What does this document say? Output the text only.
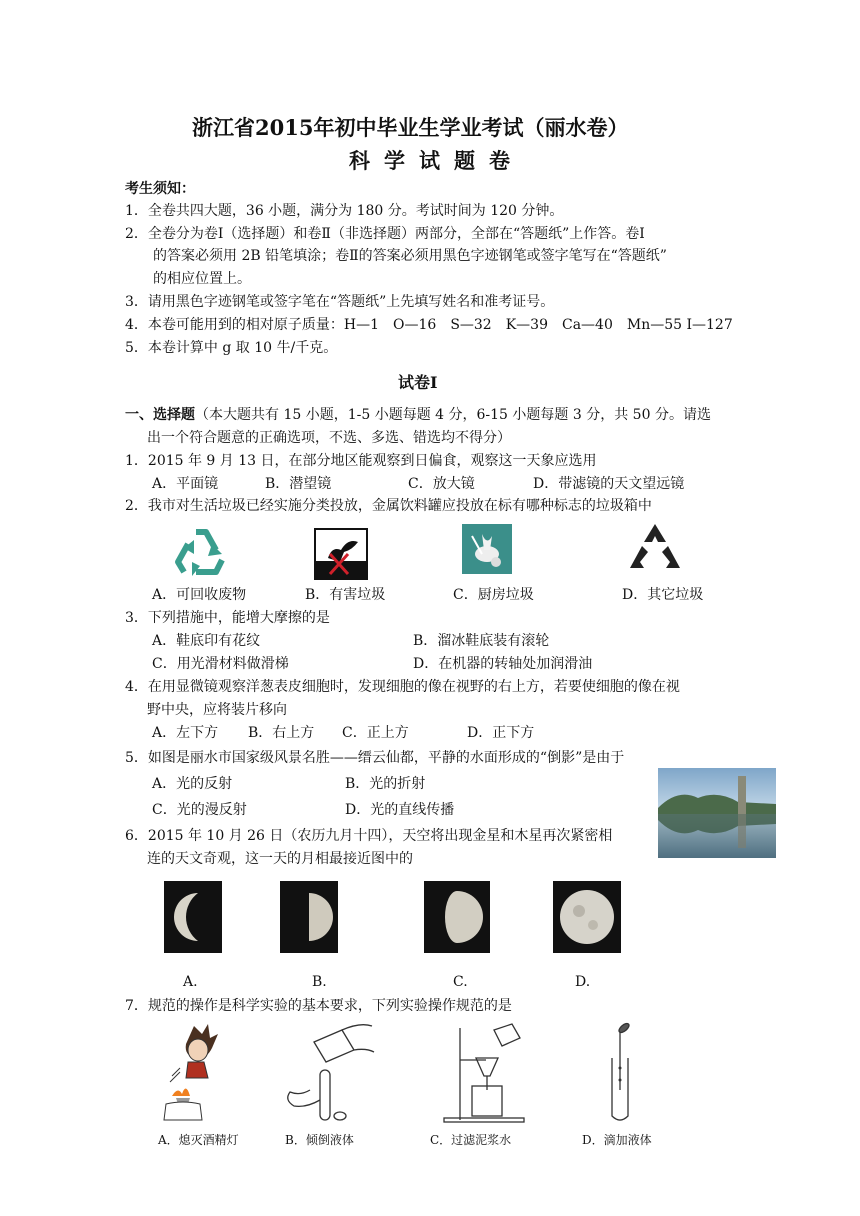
浙江省2015年初中毕业生学业考试（丽水卷）
科学试题卷
考生须知：
1．全卷共四大题，36 小题，满分为 180 分。考试时间为 120 分钟。
2．全卷分为卷Ⅰ（选择题）和卷Ⅱ（非选择题）两部分，全部在“答题纸”上作答。卷Ⅰ
的答案必须用 2B 铅笔填涂；卷Ⅱ的答案必须用黑色字迹钢笔或签字笔写在“答题纸”
的相应位置上。
3．请用黑色字迹钢笔或签字笔在“答题纸”上先填写姓名和准考证号。
4．本卷可能用到的相对原子质量：H—1　O—16　S—32　K—39　Ca—40　Mn—55 I—127
5．本卷计算中 g 取 10 牛/千克。
试卷Ⅰ
一、选择题（本大题共有 15 小题，1-5 小题每题 4 分，6-15 小题每题 3 分，共 50 分。请选
出一个符合题意的正确选项，不选、多选、错选均不得分）
1．2015 年 9 月 13 日，在部分地区能观察到日偏食，观察这一天象应选用
A．平面镜	B．潜望镜	C．放大镜	D．带滤镜的天文望远镜
2．我市对生活垃圾已经实施分类投放，金属饮料罐应投放在标有哪种标志的垃圾箱中
A．可回收废物	B．有害垃圾	C．厨房垃圾	D．其它垃圾
3．下列措施中，能增大摩擦的是
A．鞋底印有花纹	B．溜冰鞋底装有滚轮
C．用光滑材料做滑梯	D．在机器的转轴处加润滑油
4．在用显微镜观察洋葱表皮细胞时，发现细胞的像在视野的右上方，若要使细胞的像在视
野中央，应将装片移向
A．左下方 B．右上方 C．正上方	D．正下方
5．如图是丽水市国家级风景名胜——缙云仙都，平静的水面形成的“倒影”是由于
A．光的反射	B．光的折射
C．光的漫反射	D．光的直线传播
6．2015 年 10 月 26 日（农历九月十四），天空将出现金星和木星再次紧密相
连的天文奇观，这一天的月相最接近图中的
A.	B.	C.	D.
7．规范的操作是科学实验的基本要求，下列实验操作规范的是
A．熄灭酒精灯	B．倾倒液体	C．过滤泥浆水	D．滴加液体
